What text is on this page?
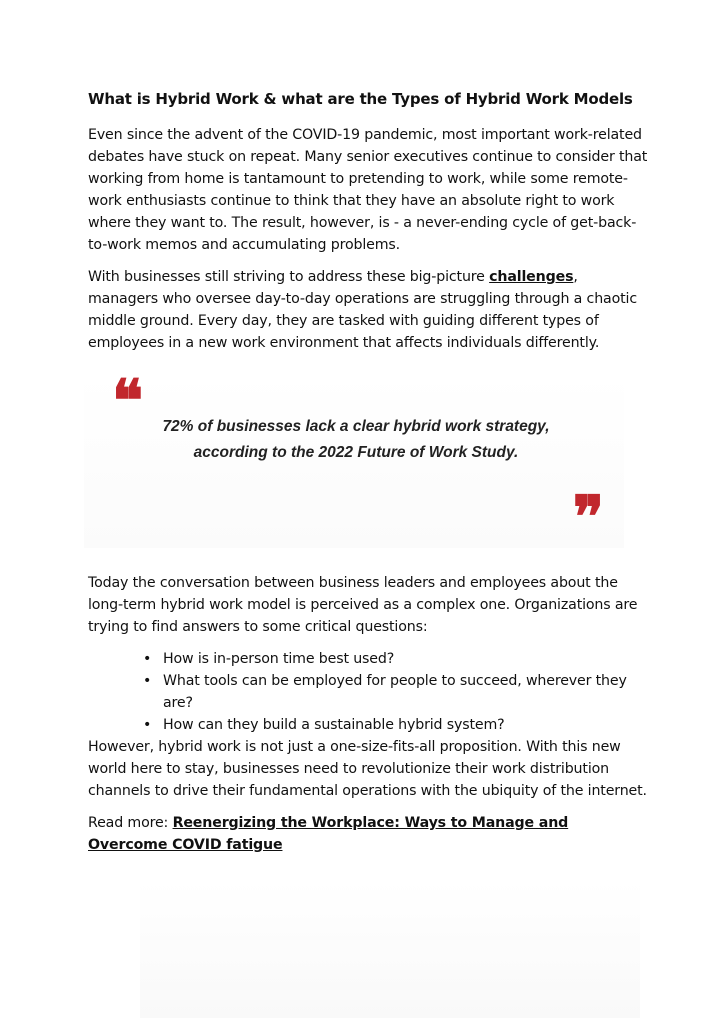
What is Hybrid Work & what are the Types of Hybrid Work Models

Even since the advent of the COVID-19 pandemic, most important work-related debates have stuck on repeat. Many senior executives continue to consider that working from home is tantamount to pretending to work, while some remote-work enthusiasts continue to think that they have an absolute right to work where they want to. The result, however, is - a never-ending cycle of get-back-to-work memos and accumulating problems.

With businesses still striving to address these big-picture challenges, managers who oversee day-to-day operations are struggling through a chaotic middle ground. Every day, they are tasked with guiding different types of employees in a new work environment that affects individuals differently.

❝	72% of businesses lack a clear hybrid work strategy, according to the 2022 Future of Work Study.
❞

Today the conversation between business leaders and employees about the long-term hybrid work model is perceived as a complex one. Organizations are trying to find answers to some critical questions:

• How is in-person time best used?
• What tools can be employed for people to succeed, wherever they are?
• How can they build a sustainable hybrid system?

However, hybrid work is not just a one-size-fits-all proposition. With this new world here to stay, businesses need to revolutionize their work distribution channels to drive their fundamental operations with the ubiquity of the internet.

Read more: Reenergizing the Workplace: Ways to Manage and Overcome COVID fatigue
